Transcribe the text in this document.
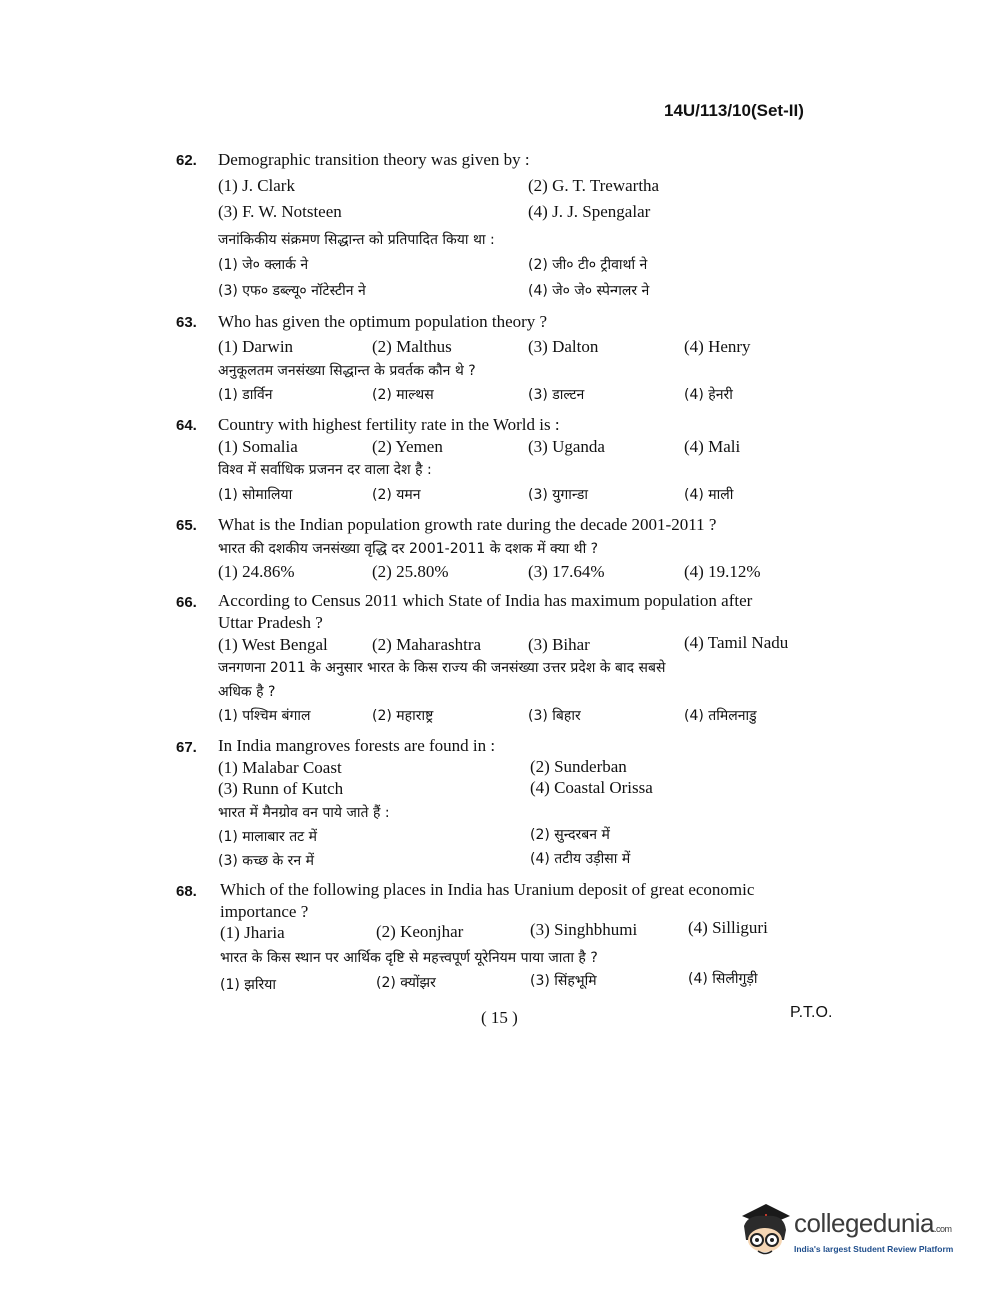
14U/113/10(Set-II)
62. Demographic transition theory was given by :
(1) J. Clark	(2) G. T. Trewartha
(3) F. W. Notsteen	(4) J. J. Spengalar
जनांकिकीय संक्रमण सिद्धान्त को प्रतिपादित किया था :
(1) जे० क्लार्क ने	(2) जी० टी० ट्रीवार्था ने
(3) एफ० डब्ल्यू० नॉटेस्टीन ने	(4) जे० जे० स्पेन्गलर ने
63. Who has given the optimum population theory ?
(1) Darwin	(2) Malthus	(3) Dalton	(4) Henry
अनुकूलतम जनसंख्या सिद्धान्त के प्रवर्तक कौन थे ?
(1) डार्विन	(2) माल्थस	(3) डाल्टन	(4) हेनरी
64. Country with highest fertility rate in the World is :
(1) Somalia	(2) Yemen	(3) Uganda	(4) Mali
विश्व में सर्वाधिक प्रजनन दर वाला देश है :
(1) सोमालिया	(2) यमन	(3) युगान्डा	(4) माली
65. What is the Indian population growth rate during the decade 2001-2011 ?
भारत की दशकीय जनसंख्या वृद्धि दर 2001-2011 के दशक में क्या थी ?
(1) 24.86%	(2) 25.80%	(3) 17.64%	(4) 19.12%
66. According to Census 2011 which State of India has maximum population after
Uttar Pradesh ?
(1) West Bengal	(2) Maharashtra	(3) Bihar	(4) Tamil Nadu
जनगणना 2011 के अनुसार भारत के किस राज्य की जनसंख्या उत्तर प्रदेश के बाद सबसे
अधिक है ?
(1) पश्चिम बंगाल	(2) महाराष्ट्र	(3) बिहार	(4) तमिलनाडु
67. In India mangroves forests are found in :
(1) Malabar Coast	(2) Sunderban
(3) Runn of Kutch	(4) Coastal Orissa
भारत में मैनग्रोव वन पाये जाते हैं :
(1) मालाबार तट में	(2) सुन्दरबन में
(3) कच्छ के रन में	(4) तटीय उड़ीसा में
68. Which of the following places in India has Uranium deposit of great economic
importance ?
(1) Jharia	(2) Keonjhar	(3) Singhbhumi	(4) Silliguri
भारत के किस स्थान पर आर्थिक दृष्टि से महत्त्वपूर्ण यूरेनियम पाया जाता है ?
(1) झरिया	(2) क्योंझर	(3) सिंहभूमि	(4) सिलीगुड़ी
( 15 )	P.T.O.
collegedunia.com
India's largest Student Review Platform
